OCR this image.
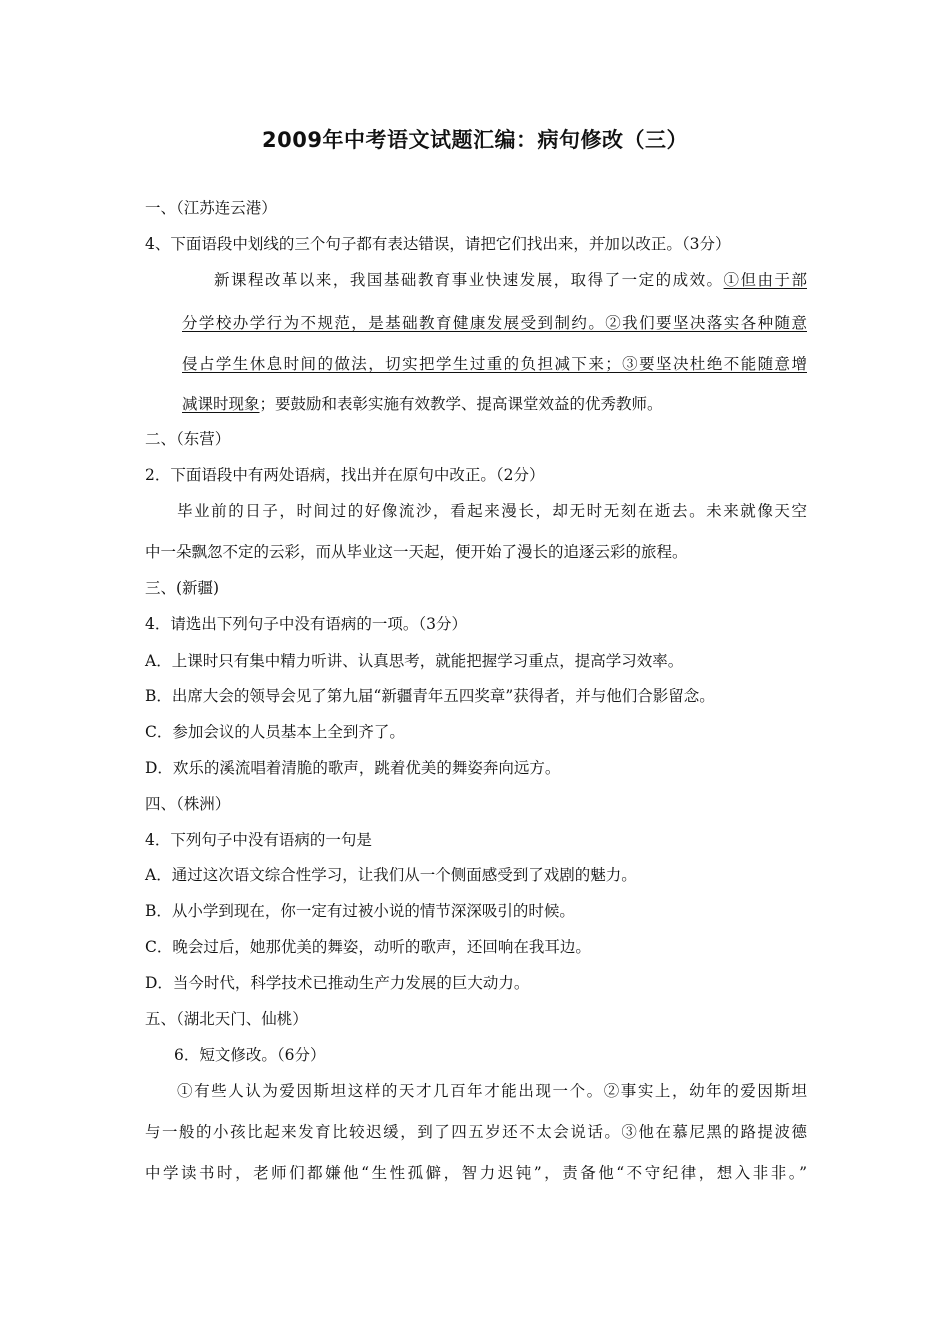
2009年中考语文试题汇编：病句修改（三）
一、（江苏连云港）
4、下面语段中划线的三个句子都有表达错误，请把它们找出来，并加以改正。（3分）
新课程改革以来，我国基础教育事业快速发展，取得了一定的成效。①但由于部
分学校办学行为不规范，是基础教育健康发展受到制约。②我们要坚决落实各种随意
侵占学生休息时间的做法，切实把学生过重的负担减下来；③要坚决杜绝不能随意增
减课时现象；要鼓励和表彰实施有效教学、提高课堂效益的优秀教师。
二、（东营）
2．下面语段中有两处语病，找出并在原句中改正。（2分）
毕业前的日子，时间过的好像流沙，看起来漫长，却无时无刻在逝去。未来就像天空
中一朵飘忽不定的云彩，而从毕业这一天起，便开始了漫长的追逐云彩的旅程。
三、(新疆)
4．请选出下列句子中没有语病的一项。（3分）
A．上课时只有集中精力听讲、认真思考，就能把握学习重点，提高学习效率。
B．出席大会的领导会见了第九届“新疆青年五四奖章”获得者，并与他们合影留念。
C．参加会议的人员基本上全到齐了。
D．欢乐的溪流唱着清脆的歌声，跳着优美的舞姿奔向远方。
四、（株洲）
4．下列句子中没有语病的一句是
A．通过这次语文综合性学习，让我们从一个侧面感受到了戏剧的魅力。
B．从小学到现在，你一定有过被小说的情节深深吸引的时候。
C．晚会过后，她那优美的舞姿，动听的歌声，还回响在我耳边。
D．当今时代，科学技术已推动生产力发展的巨大动力。
五、（湖北天门、仙桃）
6．短文修改。（6分）
①有些人认为爱因斯坦这样的天才几百年才能出现一个。②事实上，幼年的爱因斯坦
与一般的小孩比起来发育比较迟缓，到了四五岁还不太会说话。③他在慕尼黑的路提波德
中学读书时，老师们都嫌他“生性孤僻，智力迟钝”，责备他“不守纪律，想入非非。”
